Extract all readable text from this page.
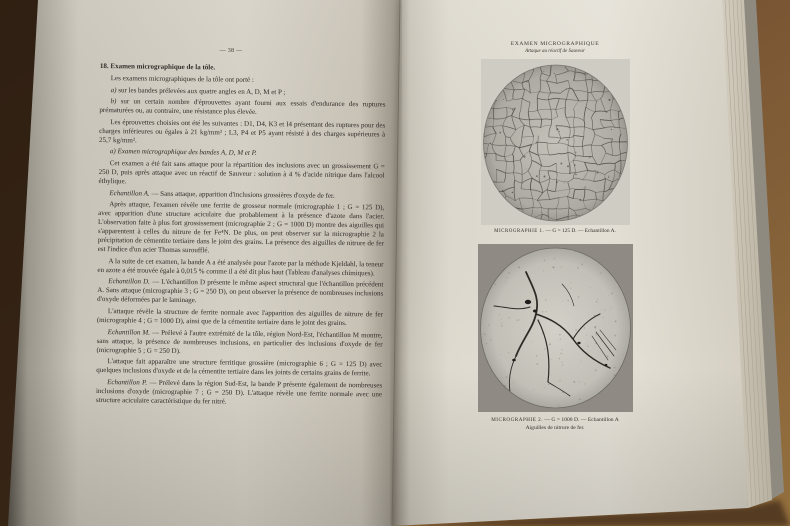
— 38 —
18. Examen micrographique de la tôle.

Les examens micrographiques de la tôle ont porté :

a) sur les bandes prélevées aux quatre angles en A, D, M et P ;

b) sur un certain nombre d'éprouvettes ayant fourni aux essais d'endurance des ruptures prématurées ou, au contraire, une résistance plus élevée.

Les éprouvettes choisies ont été les suivantes : D1, D4, K3 et I4 présentant des ruptures pour des charges inférieures ou égales à 21 kg/mm² ; L3, P4 et P5 ayant résisté à des charges supérieures à 25,7 kg/mm².

a) Examen micrographique des bandes A, D, M et P.

Cet examen a été fait sans attaque pour la répartition des inclusions avec un grossissement G = 250 D, puis après attaque avec un réactif de Sauveur : solution à 4 % d'acide nitrique dans l'alcool éthylique.

Echantillon A. — Sans attaque, apparition d'inclusions grossières d'oxyde de fer.

Après attaque, l'examen révèle une ferrite de grosseur normale (micrographie 1 ; G = 125 D), avec apparition d'une structure aciculaire due probablement à la présence d'azote dans l'acier. L'observation faite à plus fort grossissement (micrographie 2 ; G = 1000 D) montre des aiguilles qui s'apparentent à celles du nitrure de fer Fe⁴N. De plus, on peut observer sur la micrographie 2 la précipitation de cémentite tertiaire dans le joint des grains. La présence des aiguilles de nitrure de fer est l'indice d'un acier Thomas suroufflé.

A la suite de cet examen, la bande A a été analysée pour l'azote par la méthode Kjeldahl, la teneur en azote a été trouvée égale à 0,015 % comme il a été dit plus haut (Tableau d'analyses chimiques).

Echantillon D. — L'échantillon D présente le même aspect structural que l'échantillon précédent A. Sans attaque (micrographie 3 ; G = 250 D), on peut observer la présence de nombreuses inclusions d'oxyde déformées par le laminage.

L'attaque révèle la structure de ferrite normale avec l'apparition des aiguilles de nitrure de fer (micrographie 4 ; G = 1000 D), ainsi que de la cémentite tertiaire dans le joint des grains.

Echantillon M. — Prélevé à l'autre extrémité de la tôle, région Nord-Est, l'échantillon M montre, sans attaque, la présence de nombreuses inclusions, en particulier des inclusions d'oxyde de fer (micrographie 5 ; G = 250 D).

L'attaque fait apparaître une structure ferritique grossière (micrographie 6 ; G = 125 D) avec quelques inclusions d'oxyde et de la cémentite tertiaire dans les joints de certains grains de ferrite.

Echantillon P. — Prélevé dans la région Sud-Est, la bande P présente également de nombreuses inclusions d'oxyde (micrographie 7 ; G = 250 D). L'attaque révèle une ferrite normale avec une structure aciculaire caractéristique du fer nitré.

EXAMEN MICROGRAPHIQUE
Attaque au réactif de Sauveur
MICROGRAPHIE 1. — G = 125 D. — Echantillon A.
MICROGRAPHIE 2. — G = 1000 D. — Echantillon A
Aiguilles de nitrure de fer.
